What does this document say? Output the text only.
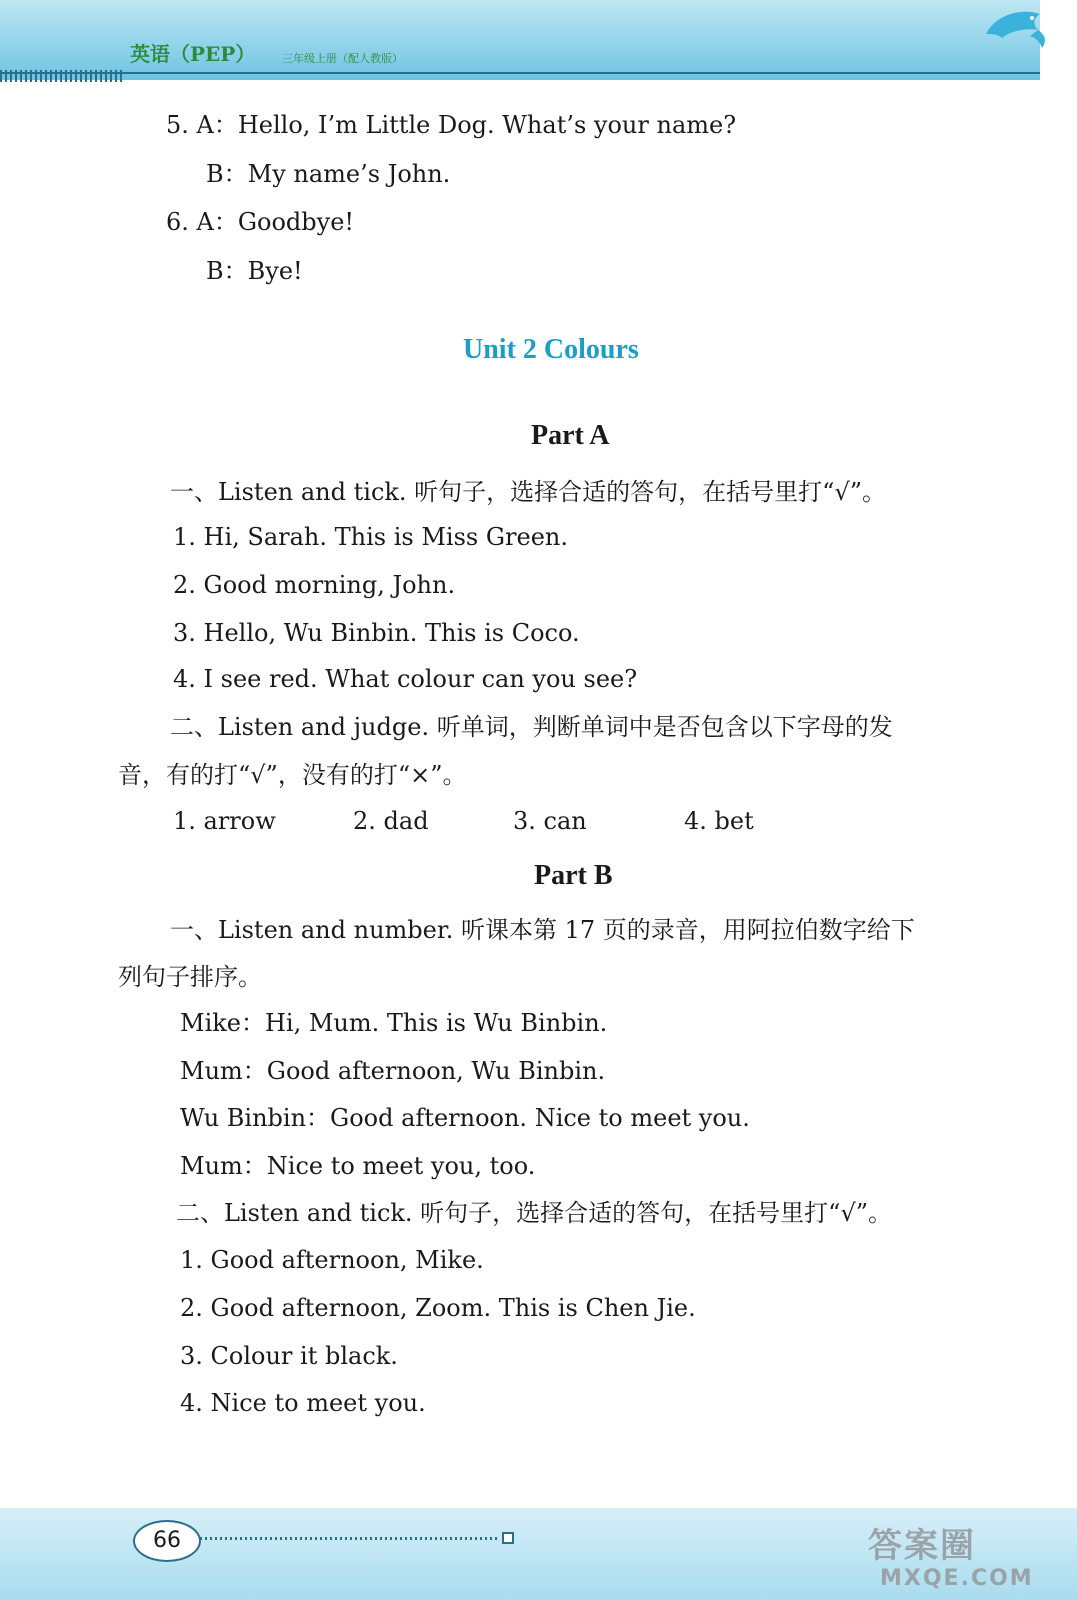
英语（PEP） 三年级上册（配人教版）
5. A：Hello, I’m Little Dog. What’s your name?
B：My name’s John.
6. A：Goodbye!
B：Bye!
Unit 2 Colours
Part A
一、Listen and tick. 听句子，选择合适的答句，在括号里打“√”。
1. Hi, Sarah. This is Miss Green.
2. Good morning, John.
3. Hello, Wu Binbin. This is Coco.
4. I see red. What colour can you see?
二、Listen and judge. 听单词，判断单词中是否包含以下字母的发
音，有的打“√”，没有的打“×”。
1. arrow	2. dad	3. can	4. bet
Part B
一、Listen and number. 听课本第 17 页的录音，用阿拉伯数字给下
列句子排序。
Mike：Hi, Mum. This is Wu Binbin.
Mum：Good afternoon, Wu Binbin.
Wu Binbin：Good afternoon. Nice to meet you.
Mum：Nice to meet you, too.
二、Listen and tick. 听句子，选择合适的答句，在括号里打“√”。
1. Good afternoon, Mike.
2. Good afternoon, Zoom. This is Chen Jie.
3. Colour it black.
4. Nice to meet you.
66	答案圈
MXQE.COM
